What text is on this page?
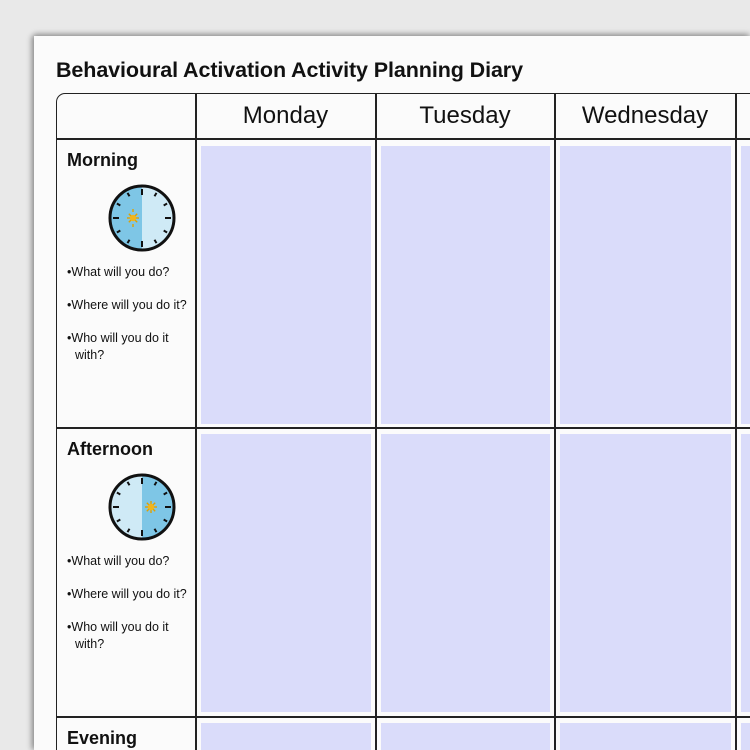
Behavioural Activation Activity Planning Diary
Monday	Tuesday	Wednesday
Morning
• What will you do?
• Where will you do it?
• Who will you do it with?
Afternoon
• What will you do?
• Where will you do it?
• Who will you do it with?
Evening
